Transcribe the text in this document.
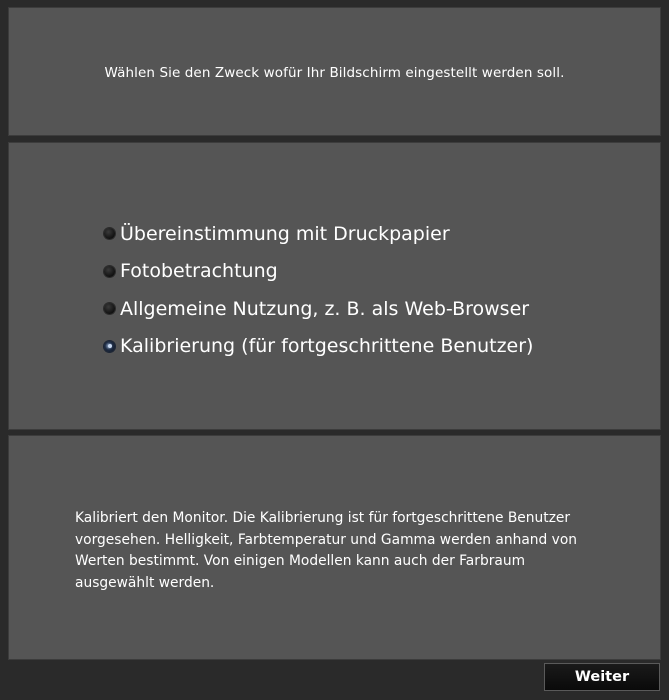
Wählen Sie den Zweck wofür Ihr Bildschirm eingestellt werden soll.
Übereinstimmung mit Druckpapier
Fotobetrachtung
Allgemeine Nutzung, z. B. als Web-Browser
Kalibrierung (für fortgeschrittene Benutzer)
Kalibriert den Monitor. Die Kalibrierung ist für fortgeschrittene Benutzer vorgesehen. Helligkeit, Farbtemperatur und Gamma werden anhand von Werten bestimmt. Von einigen Modellen kann auch der Farbraum ausgewählt werden.
Weiter
